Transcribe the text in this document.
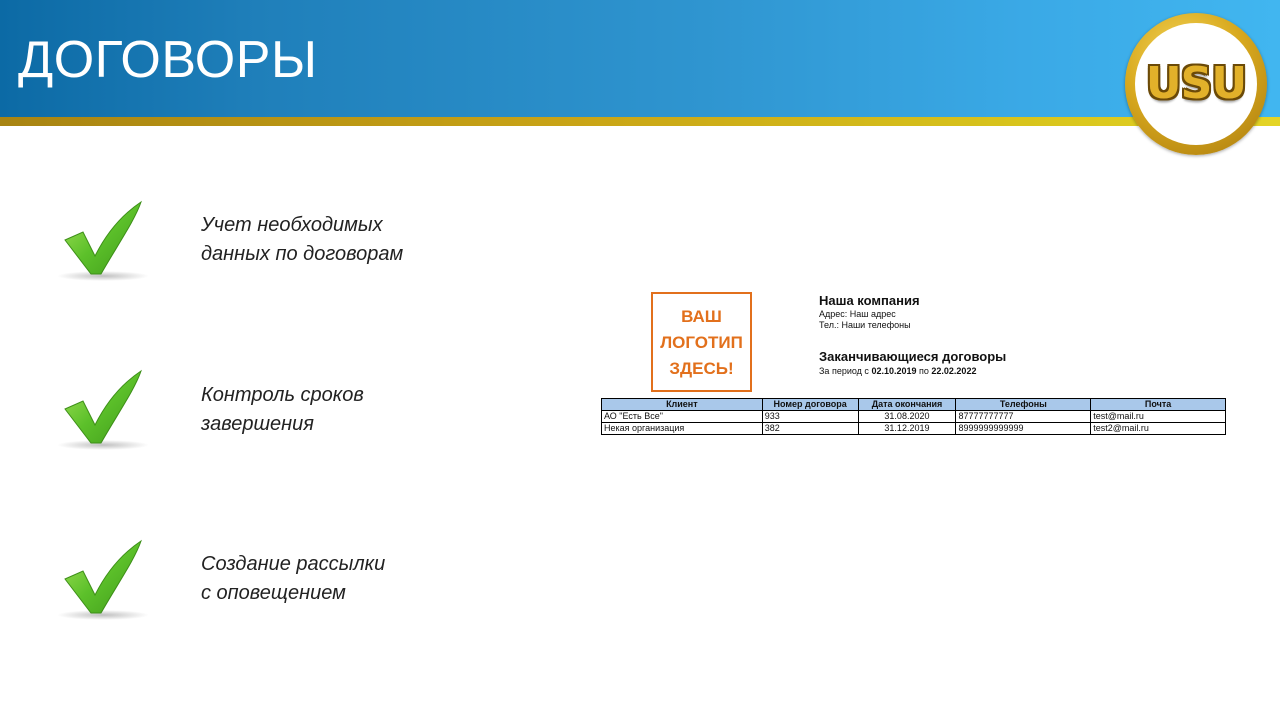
ДОГОВОРЫ	USU
Учет необходимых
данных по договорам
Контроль сроков
завершения
Создание рассылки
с оповещением
ВАШ
ЛОГОТИП
ЗДЕСЬ!
Наша компания
Адрес: Наш адрес
Тел.: Наши телефоны
Заканчивающиеся договоры
За период с 02.10.2019 по 22.02.2022
Клиент	Номер договора	Дата окончания	Телефоны	Почта
АО "Есть Все"	933	31.08.2020	87777777777	test@mail.ru
Некая организация	382	31.12.2019	8999999999999	test2@mail.ru
